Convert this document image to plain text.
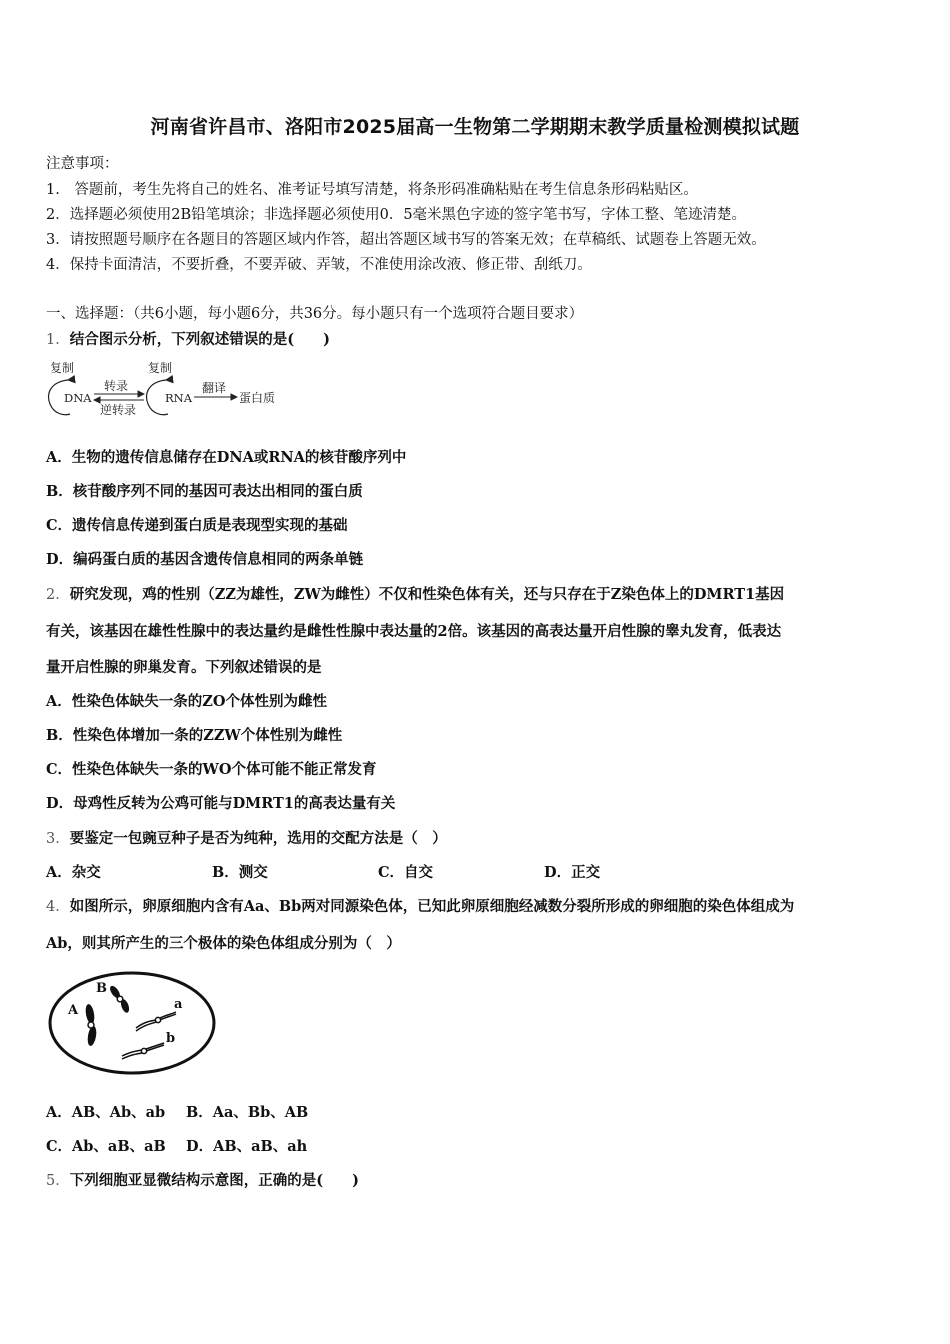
河南省许昌市、洛阳市2025届高一生物第二学期期末教学质量检测模拟试题
注意事项：
1.　答题前，考生先将自己的姓名、准考证号填写清楚，将条形码准确粘贴在考生信息条形码粘贴区。
2．选择题必须使用2B铅笔填涂；非选择题必须使用0．5毫米黑色字迹的签字笔书写，字体工整、笔迹清楚。
3．请按照题号顺序在各题目的答题区域内作答，超出答题区域书写的答案无效；在草稿纸、试题卷上答题无效。
4．保持卡面清洁，不要折叠，不要弄破、弄皱，不准使用涂改液、修正带、刮纸刀。
一、选择题：（共6小题，每小题6分，共36分。每小题只有一个选项符合题目要求）
1．结合图示分析，下列叙述错误的是(　　)
复制
DNA
转录
逆转录
复制
RNA
翻译
蛋白质
A．生物的遗传信息储存在DNA或RNA的核苷酸序列中
B．核苷酸序列不同的基因可表达出相同的蛋白质
C．遗传信息传递到蛋白质是表现型实现的基础
D．编码蛋白质的基因含遗传信息相同的两条单链
2．研究发现，鸡的性别（ZZ为雄性，ZW为雌性）不仅和性染色体有关，还与只存在于Z染色体上的DMRT1基因
有关，该基因在雄性性腺中的表达量约是雌性性腺中表达量的2倍。该基因的高表达量开启性腺的睾丸发育，低表达
量开启性腺的卵巢发育。下列叙述错误的是
A．性染色体缺失一条的ZO个体性别为雌性
B．性染色体增加一条的ZZW个体性别为雌性
C．性染色体缺失一条的WO个体可能不能正常发育
D．母鸡性反转为公鸡可能与DMRT1的高表达量有关
3．要鉴定一包豌豆种子是否为纯种，选用的交配方法是（　）
A．杂交	B．测交	C．自交	D．正交
4．如图所示，卵原细胞内含有Aa、Bb两对同源染色体，已知此卵原细胞经减数分裂所形成的卵细胞的染色体组成为
Ab，则其所产生的三个极体的染色体组成分别为（　）
A
B
a
b
A．AB、Ab、ab B．Aa、Bb、AB
C．Ab、aB、aB D．AB、aB、ah
5．下列细胞亚显微结构示意图，正确的是(　　)
